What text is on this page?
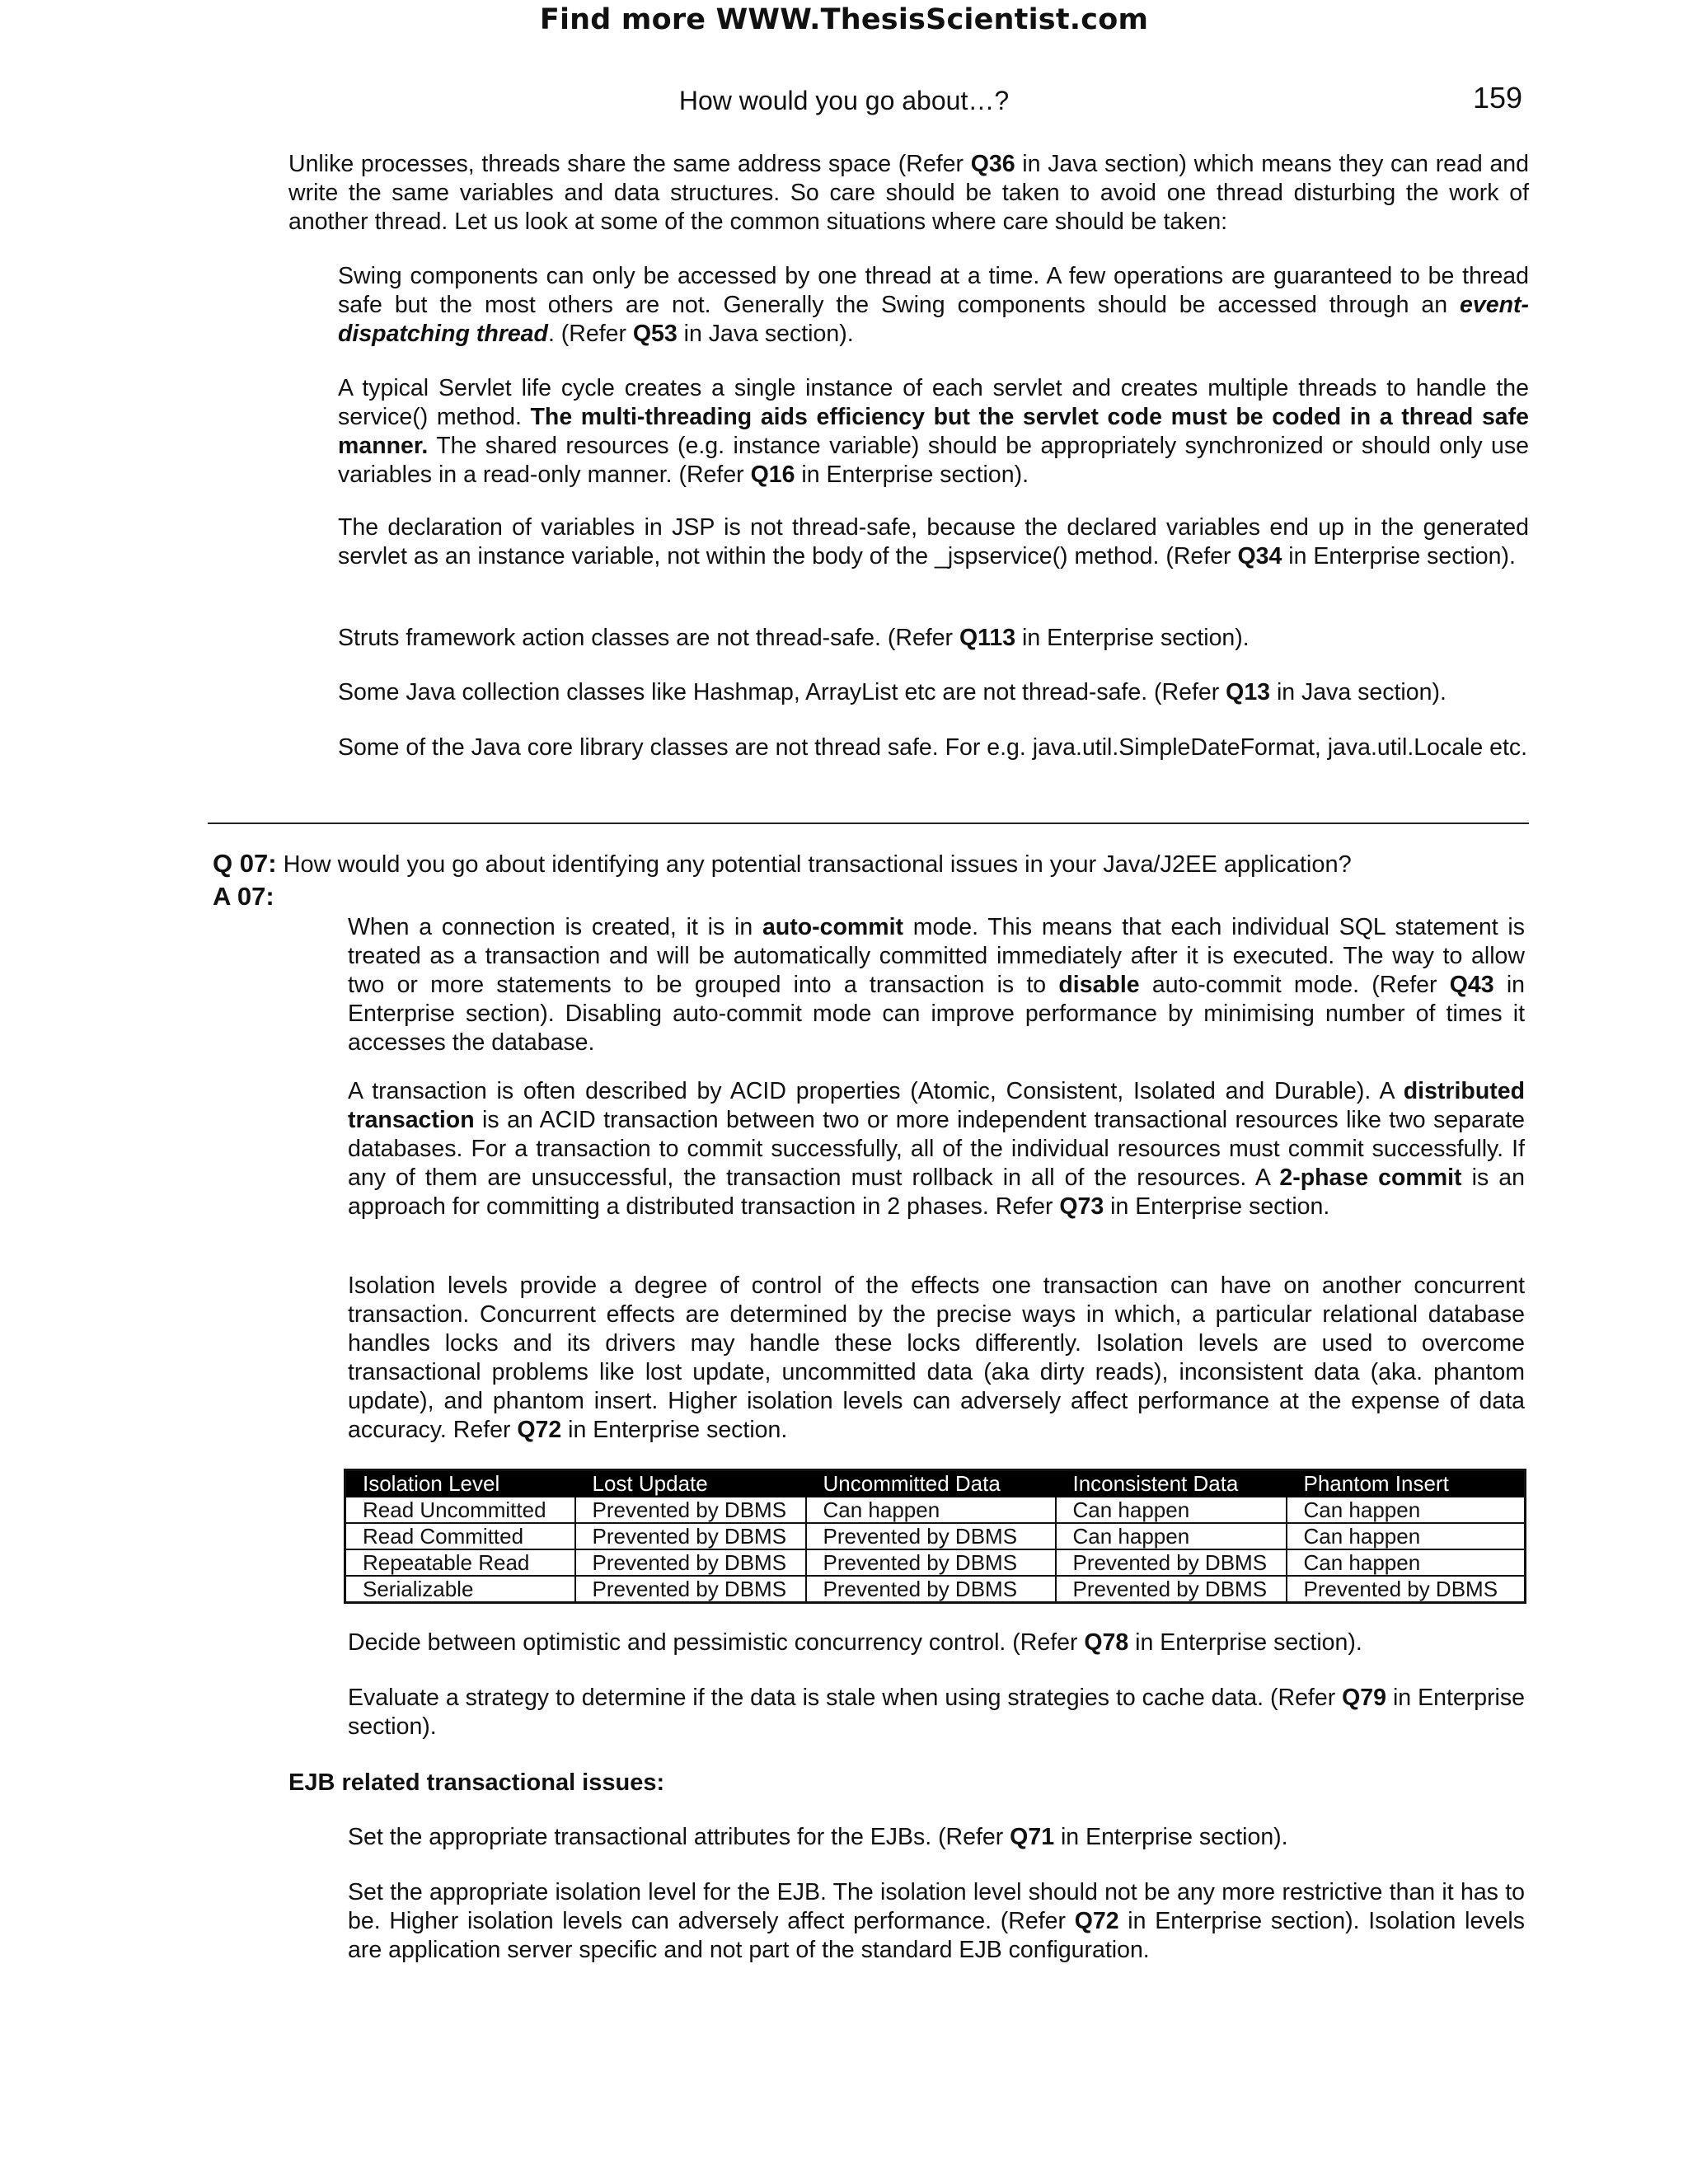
Find more WWW.ThesisScientist.com
How would you go about…?	159

Unlike processes, threads share the same address space (Refer Q36 in Java section) which means they can read and write the same variables and data structures. So care should be taken to avoid one thread disturbing the work of another thread. Let us look at some of the common situations where care should be taken:

Swing components can only be accessed by one thread at a time. A few operations are guaranteed to be thread safe but the most others are not. Generally the Swing components should be accessed through an event-dispatching thread. (Refer Q53 in Java section).

A typical Servlet life cycle creates a single instance of each servlet and creates multiple threads to handle the service() method. The multi-threading aids efficiency but the servlet code must be coded in a thread safe manner. The shared resources (e.g. instance variable) should be appropriately synchronized or should only use variables in a read-only manner. (Refer Q16 in Enterprise section).

The declaration of variables in JSP is not thread-safe, because the declared variables end up in the generated servlet as an instance variable, not within the body of the _jspservice() method. (Refer Q34 in Enterprise section).

Struts framework action classes are not thread-safe. (Refer Q113 in Enterprise section).

Some Java collection classes like Hashmap, ArrayList etc are not thread-safe. (Refer Q13 in Java section).

Some of the Java core library classes are not thread safe. For e.g. java.util.SimpleDateFormat, java.util.Locale etc.

Q 07: How would you go about identifying any potential transactional issues in your Java/J2EE application?
A 07:

When a connection is created, it is in auto-commit mode. This means that each individual SQL statement is treated as a transaction and will be automatically committed immediately after it is executed. The way to allow two or more statements to be grouped into a transaction is to disable auto-commit mode. (Refer Q43 in Enterprise section). Disabling auto-commit mode can improve performance by minimising number of times it accesses the database.

A transaction is often described by ACID properties (Atomic, Consistent, Isolated and Durable). A distributed transaction is an ACID transaction between two or more independent transactional resources like two separate databases. For a transaction to commit successfully, all of the individual resources must commit successfully. If any of them are unsuccessful, the transaction must rollback in all of the resources. A 2-phase commit is an approach for committing a distributed transaction in 2 phases. Refer Q73 in Enterprise section.

Isolation levels provide a degree of control of the effects one transaction can have on another concurrent transaction. Concurrent effects are determined by the precise ways in which, a particular relational database handles locks and its drivers may handle these locks differently. Isolation levels are used to overcome transactional problems like lost update, uncommitted data (aka dirty reads), inconsistent data (aka. phantom update), and phantom insert. Higher isolation levels can adversely affect performance at the expense of data accuracy. Refer Q72 in Enterprise section.

Isolation Level	Lost Update	Uncommitted Data	Inconsistent Data	Phantom Insert
Read Uncommitted	Prevented by DBMS	Can happen	Can happen	Can happen
Read Committed	Prevented by DBMS	Prevented by DBMS	Can happen	Can happen
Repeatable Read	Prevented by DBMS	Prevented by DBMS	Prevented by DBMS	Can happen
Serializable	Prevented by DBMS	Prevented by DBMS	Prevented by DBMS	Prevented by DBMS

Decide between optimistic and pessimistic concurrency control. (Refer Q78 in Enterprise section).

Evaluate a strategy to determine if the data is stale when using strategies to cache data. (Refer Q79 in Enterprise section).

EJB related transactional issues:

Set the appropriate transactional attributes for the EJBs. (Refer Q71 in Enterprise section).

Set the appropriate isolation level for the EJB. The isolation level should not be any more restrictive than it has to be. Higher isolation levels can adversely affect performance. (Refer Q72 in Enterprise section). Isolation levels are application server specific and not part of the standard EJB configuration.
